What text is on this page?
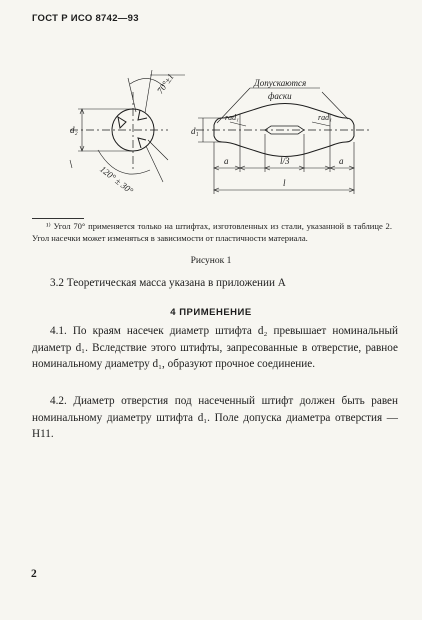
ГОСТ Р ИСО 8742—93
d₂
70°±1
120° ± 30°
Допускаются
фаски
d₁
rad₁	rad₁
a	l/3	a
l
¹⁾ Угол 70° применяется только на штифтах, изготовленных из стали, указанной в таблице 2. Угол насечки может изменяться в зависимости от пластичности материала.
Рисунок 1
3.2 Теоретическая масса указана в приложении А
4 ПРИМЕНЕНИЕ
4.1. По краям насечек диаметр штифта d₂ превышает номинальный диаметр d₁. Вследствие этого штифты, запресованные в отверстие, равное номинальному диаметру d₁, образуют прочное соединение.
4.2. Диаметр отверстия под насеченный штифт должен быть равен номинальному диаметру штифта d₁. Поле допуска диаметра отверстия — H11.
2
